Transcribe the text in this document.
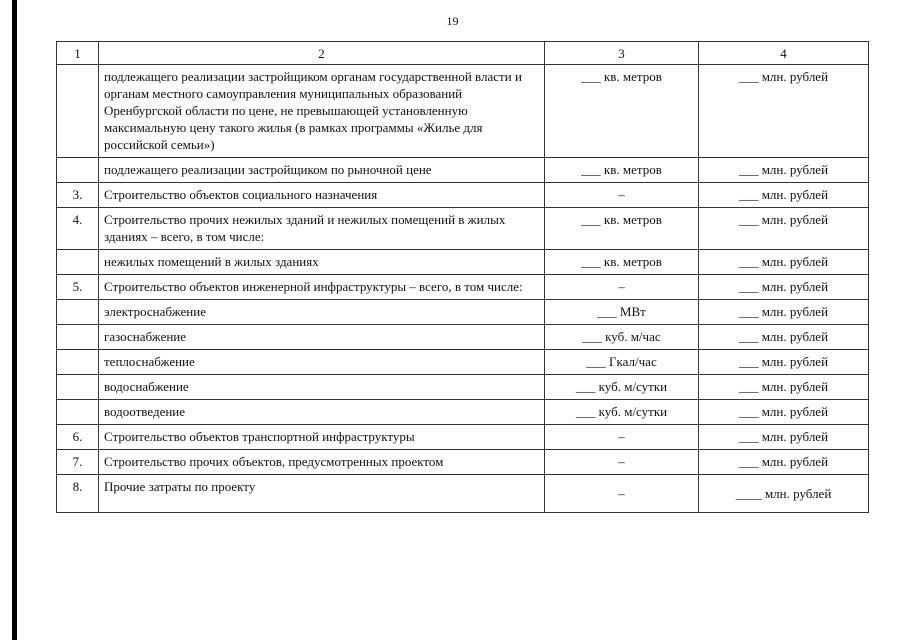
19
1	2	3	4
	подлежащего реализации застройщиком органам государственной власти и органам местного самоуправления муниципальных образований Оренбургской области по цене, не превышающей установленную максимальную цену такого жилья (в рамках программы «Жилье для российской семьи»)	___ кв. метров	___ млн. рублей
	подлежащего реализации застройщиком по рыночной цене	___ кв. метров	___ млн. рублей
3.	Строительство объектов социального назначения	–	___ млн. рублей
4.	Строительство прочих нежилых зданий и нежилых помещений в жилых зданиях – всего, в том числе:	___ кв. метров	___ млн. рублей
	нежилых помещений в жилых зданиях	___ кв. метров	___ млн. рублей
5.	Строительство объектов инженерной инфраструктуры – всего, в том числе:	–	___ млн. рублей
	электроснабжение	___ МВт	___ млн. рублей
	газоснабжение	___ куб. м/час	___ млн. рублей
	теплоснабжение	___ Гкал/час	___ млн. рублей
	водоснабжение	___ куб. м/сутки	___ млн. рублей
	водоотведение	___ куб. м/сутки	___ млн. рублей
6.	Строительство объектов транспортной инфраструктуры	–	___ млн. рублей
7.	Строительство прочих объектов, предусмотренных проектом	–	___ млн. рублей
8.	Прочие затраты по проекту	–	____ млн. рублей
